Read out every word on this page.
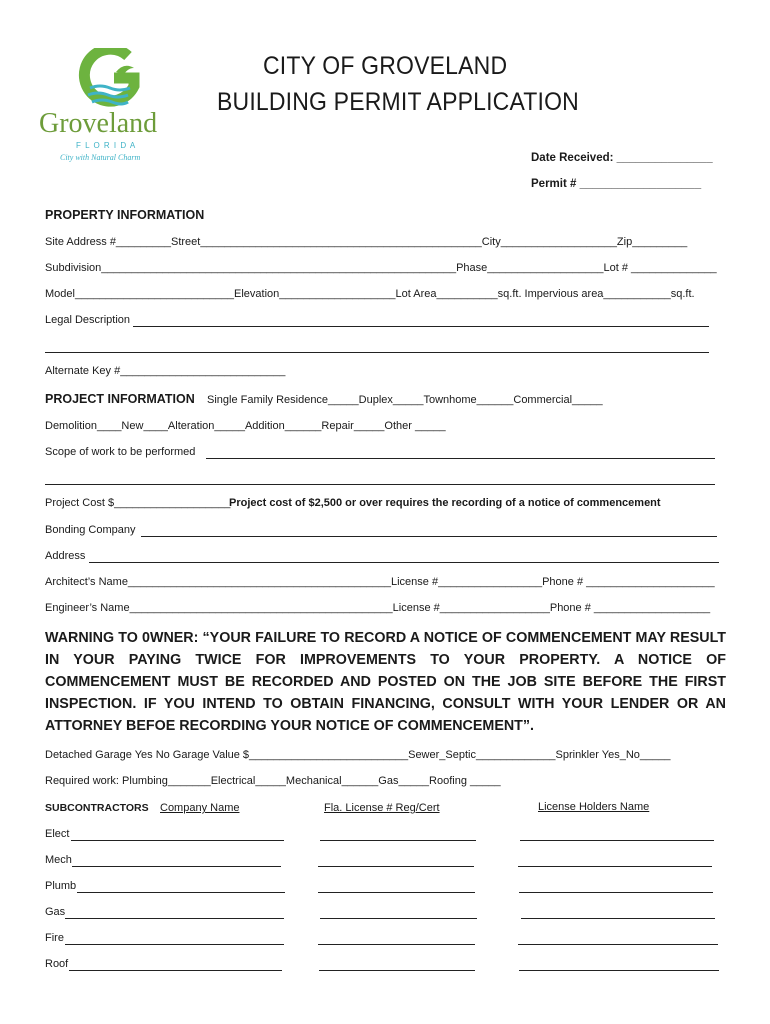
Groveland
F L O R I D A
City with Natural Charm
CITY OF GROVELAND
BUILDING PERMIT APPLICATION
Date Received: _______________
Permit # ___________________
PROPERTY INFORMATION
Site Address #_________Street______________________________________________City___________________Zip_________
Subdivision__________________________________________________________Phase___________________Lot # ______________
Model__________________________Elevation___________________Lot Area__________sq.ft. Impervious area___________sq.ft.
Legal Description
Alternate Key #___________________________
PROJECT INFORMATION Single Family Residence_____Duplex_____Townhome______Commercial_____
Demolition____New____Alteration_____Addition______Repair_____Other _____
Scope of work to be performed
Project Cost $___________________
Project cost of $2,500 or over requires the recording of a notice of commencement
Bonding Company
Address
Architect’s Name___________________________________________License #_________________Phone # _____________________
Engineer’s Name___________________________________________License #__________________Phone # ___________________
WARNING TO 0WNER: “YOUR FAILURE TO RECORD A NOTICE OF COMMENCEMENT MAY RESULT IN YOUR PAYING TWICE FOR IMPROVEMENTS TO YOUR PROPERTY. A NOTICE OF COMMENCEMENT MUST BE RECORDED AND POSTED ON THE JOB SITE BEFORE THE FIRST INSPECTION. IF YOU INTEND TO OBTAIN FINANCING, CONSULT WITH YOUR LENDER OR AN ATTORNEY BEFOE RECORDING YOUR NOTICE OF COMMENCEMENT”.
Detached Garage Yes No Garage Value $__________________________Sewer_Septic_____________Sprinkler Yes_No_____
Required work: Plumbing_______Electrical_____Mechanical______Gas_____Roofing _____
SUBCONTRACTORS Company Name	Fla. License # Reg/Cert	License Holders Name
Elect
Mech
Plumb
Gas
Fire
Roof
